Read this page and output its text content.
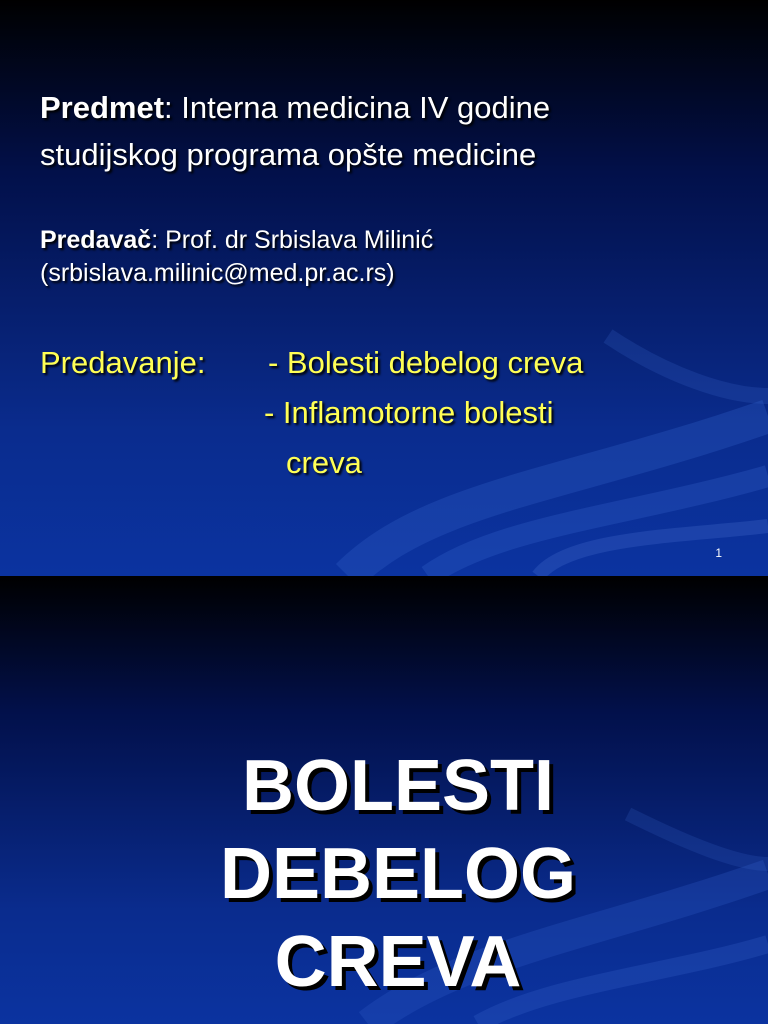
Predmet: Interna medicina IV godine
studijskog programa opšte medicine
Predavač: Prof. dr Srbislava Milinić
(srbislava.milinic@med.pr.ac.rs)
Predavanje: - Bolesti debelog creva
- Inflamotorne bolesti
creva
1
BOLESTI
DEBELOG
CREVA
